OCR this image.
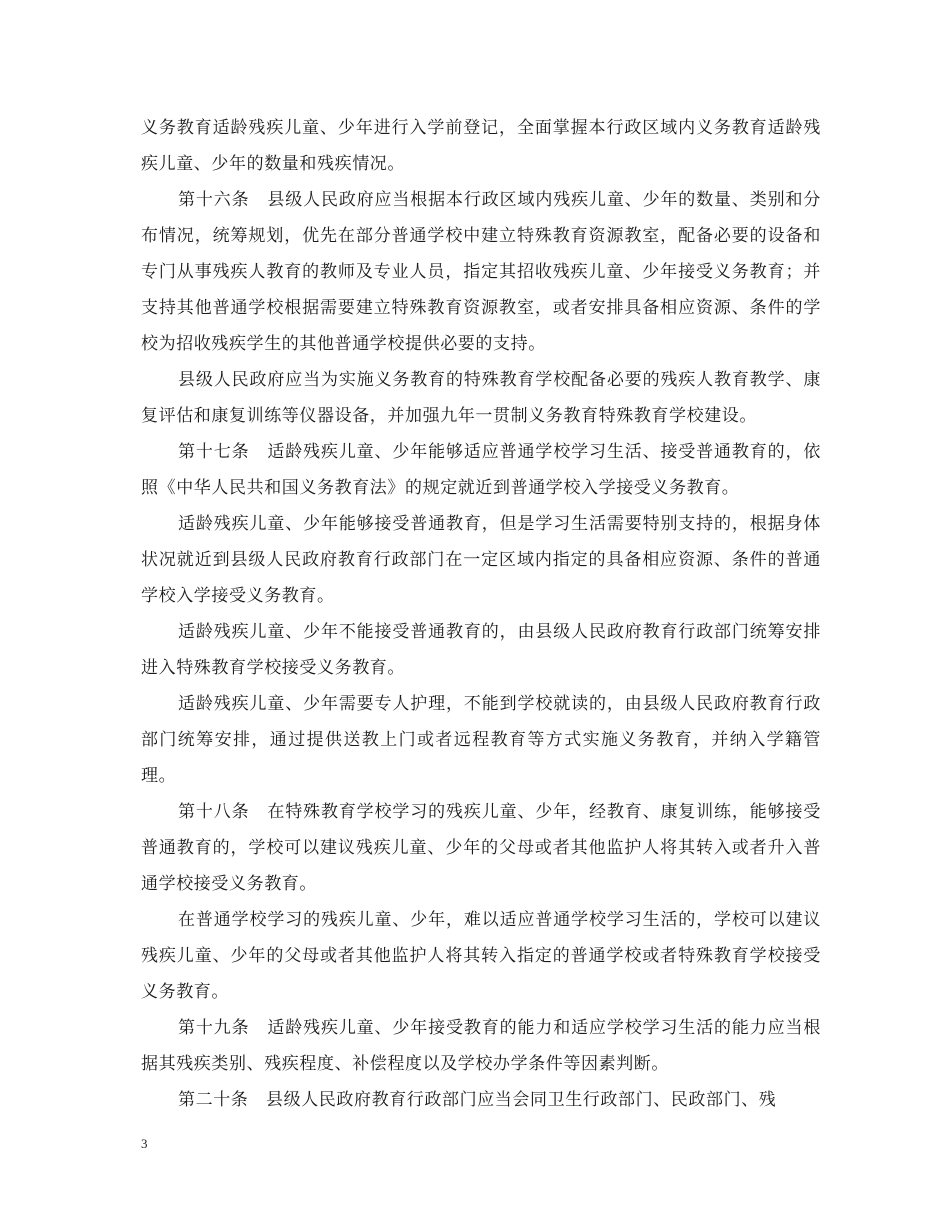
义务教育适龄残疾儿童、少年进行入学前登记，全面掌握本行政区域内义务教育适龄残疾儿童、少年的数量和残疾情况。

第十六条　县级人民政府应当根据本行政区域内残疾儿童、少年的数量、类别和分布情况，统筹规划，优先在部分普通学校中建立特殊教育资源教室，配备必要的设备和专门从事残疾人教育的教师及专业人员，指定其招收残疾儿童、少年接受义务教育；并支持其他普通学校根据需要建立特殊教育资源教室，或者安排具备相应资源、条件的学校为招收残疾学生的其他普通学校提供必要的支持。

县级人民政府应当为实施义务教育的特殊教育学校配备必要的残疾人教育教学、康复评估和康复训练等仪器设备，并加强九年一贯制义务教育特殊教育学校建设。

第十七条　适龄残疾儿童、少年能够适应普通学校学习生活、接受普通教育的，依照《中华人民共和国义务教育法》的规定就近到普通学校入学接受义务教育。

适龄残疾儿童、少年能够接受普通教育，但是学习生活需要特别支持的，根据身体状况就近到县级人民政府教育行政部门在一定区域内指定的具备相应资源、条件的普通学校入学接受义务教育。

适龄残疾儿童、少年不能接受普通教育的，由县级人民政府教育行政部门统筹安排进入特殊教育学校接受义务教育。

适龄残疾儿童、少年需要专人护理，不能到学校就读的，由县级人民政府教育行政部门统筹安排，通过提供送教上门或者远程教育等方式实施义务教育，并纳入学籍管理。

第十八条　在特殊教育学校学习的残疾儿童、少年，经教育、康复训练，能够接受普通教育的，学校可以建议残疾儿童、少年的父母或者其他监护人将其转入或者升入普通学校接受义务教育。

在普通学校学习的残疾儿童、少年，难以适应普通学校学习生活的，学校可以建议残疾儿童、少年的父母或者其他监护人将其转入指定的普通学校或者特殊教育学校接受义务教育。

第十九条　适龄残疾儿童、少年接受教育的能力和适应学校学习生活的能力应当根据其残疾类别、残疾程度、补偿程度以及学校办学条件等因素判断。

第二十条　县级人民政府教育行政部门应当会同卫生行政部门、民政部门、残

3
